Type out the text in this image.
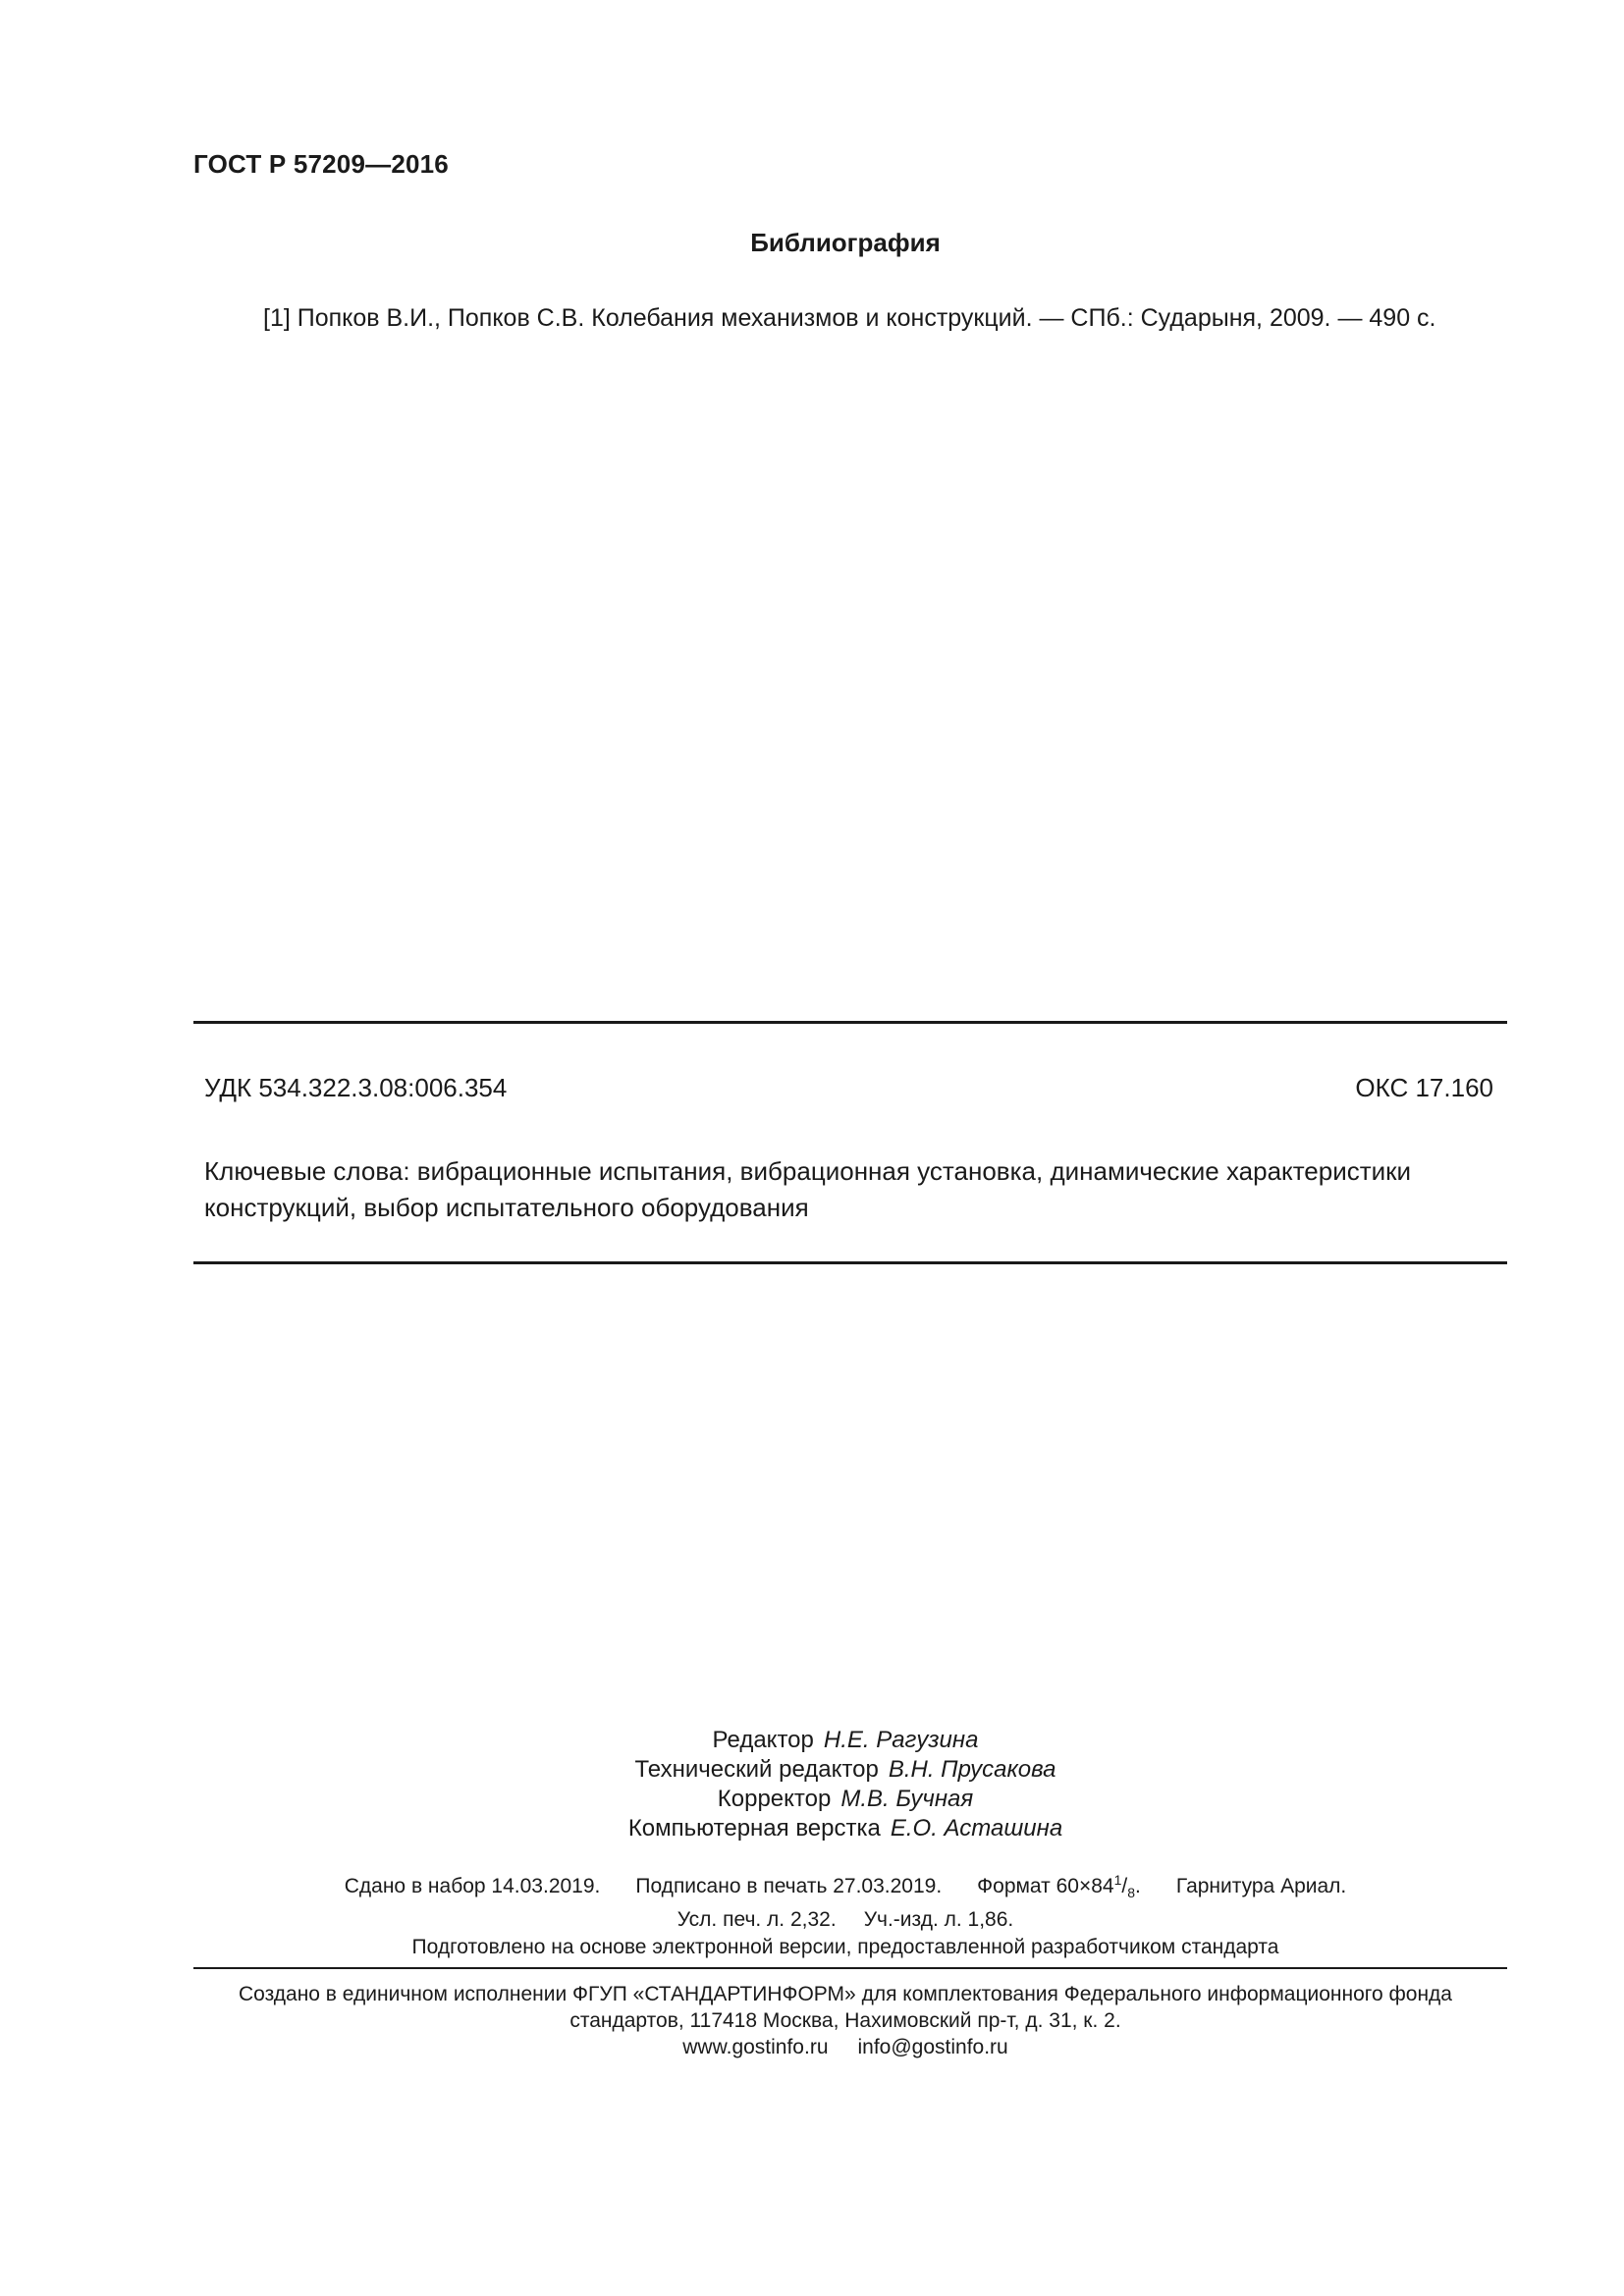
ГОСТ Р 57209—2016
Библиография
[1] Попков В.И., Попков С.В. Колебания механизмов и конструкций. — СПб.: Сударыня, 2009. — 490 с.
УДК 534.322.3.08:006.354	ОКС 17.160
Ключевые слова: вибрационные испытания, вибрационная установка, динамические характеристики конструкций, выбор испытательного оборудования
Редактор Н.Е. Рагузина
Технический редактор В.Н. Прусакова
Корректор М.В. Бучная
Компьютерная верстка Е.О. Асташина
Сдано в набор 14.03.2019. Подписано в печать 27.03.2019. Формат $60\times 84^1/_8$. Гарнитура Ариал.
Усл. печ. л. 2,32. Уч.-изд. л. 1,86.
Подготовлено на основе электронной версии, предоставленной разработчиком стандарта
Создано в единичном исполнении ФГУП «СТАНДАРТИНФОРМ» для комплектования Федерального информационного фонда
стандартов, 117418 Москва, Нахимовский пр-т, д. 31, к. 2.
www.gostinfo.ru info@gostinfo.ru
